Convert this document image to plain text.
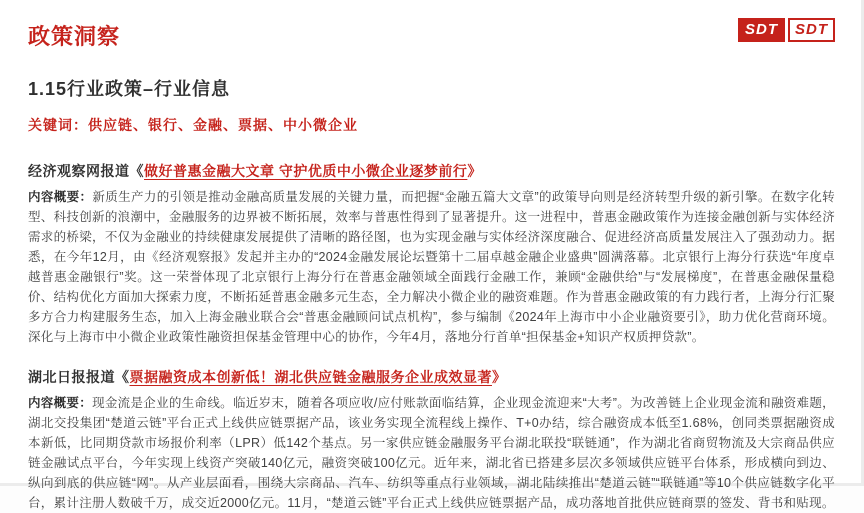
政策洞察	SDT	SDT
1.15行业政策–行业信息
关键词：供应链、银行、金融、票据、中小微企业
经济观察网报道《做好普惠金融大文章 守护优质中小微企业逐梦前行》

内容概要：新质生产力的引领是推动金融高质量发展的关键力量，而把握“金融五篇大文章”的政策导向则是经济转型升级的新引擎。在数字化转型、科技创新的浪潮中，金融服务的边界被不断拓展，效率与普惠性得到了显著提升。这一进程中，普惠金融政策作为连接金融创新与实体经济需求的桥梁，不仅为金融业的持续健康发展提供了清晰的路径图，也为实现金融与实体经济深度融合、促进经济高质量发展注入了强劲动力。据悉，在今年12月，由《经济观察报》发起并主办的“2024金融发展论坛暨第十二届卓越金融企业盛典”圆满落幕。北京银行上海分行获选“年度卓越普惠金融银行”奖。这一荣誉体现了北京银行上海分行在普惠金融领域全面践行金融工作，兼顾“金融供给”与“发展梯度”，在普惠金融保量稳价、结构优化方面加大探索力度，不断拓延普惠金融多元生态，全力解决小微企业的融资难题。作为普惠金融政策的有力践行者，上海分行汇聚多方合力构建服务生态，加入上海金融业联合会“普惠金融顾问试点机构”，参与编制《2024年上海市中小企业融资要引》，助力优化营商环境。深化与上海市中小微企业政策性融资担保基金管理中心的协作，今年4月，落地分行首单“担保基金+知识产权质押贷款”。

湖北日报报道《票据融资成本创新低！湖北供应链金融服务企业成效显著》

内容概要：现金流是企业的生命线。临近岁末，随着各项应收/应付账款面临结算，企业现金流迎来“大考”。为改善链上企业现金流和融资难题，湖北交投集团“楚道云链”平台正式上线供应链票据产品，该业务实现全流程线上操作、T+0办结，综合融资成本低至1.68%，创同类票据融资成本新低，比同期贷款市场报价利率（LPR）低142个基点。另一家供应链金融服务平台湖北联投“联链通”，作为湖北省商贸物流及大宗商品供应链金融试点平台，今年实现上线资产突破140亿元，融资突破100亿元。近年来，湖北省已搭建多层次多领域供应链平台体系，形成横向到边、纵向到底的供应链“网”。从产业层面看，围绕大宗商品、汽车、纺织等重点行业领域，湖北陆续推出“楚道云链”“联链通”等10个供应链数字化平台，累计注册人数破千万，成交近2000亿元。11月，“楚道云链”平台正式上线供应链票据产品，成功落地首批供应链商票的签发、背书和贴现。
